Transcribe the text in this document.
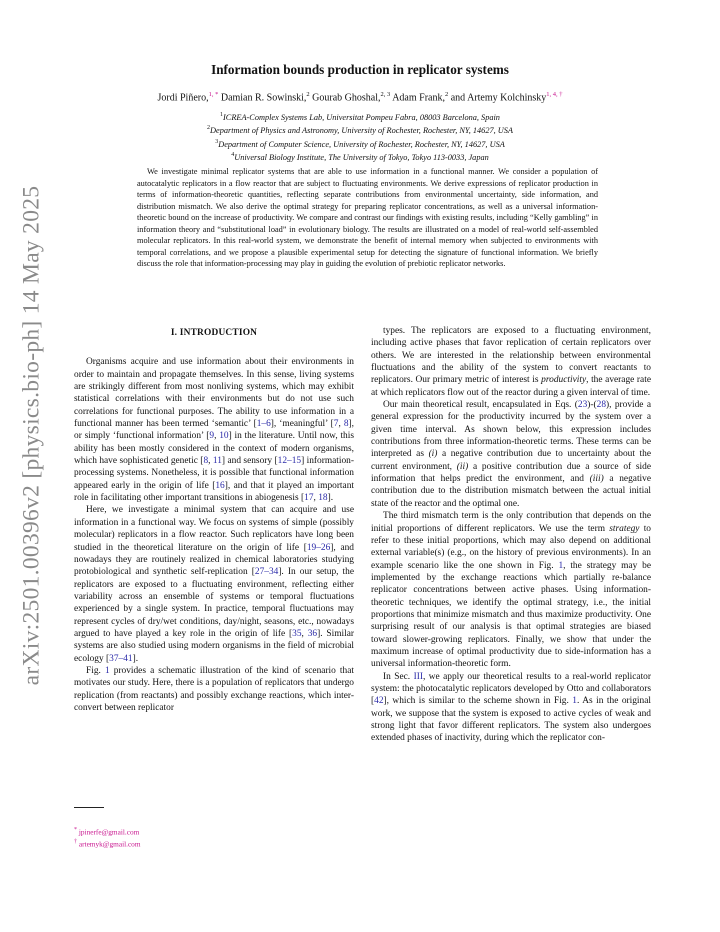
arXiv:2501.00396v2 [physics.bio-ph] 14 May 2025
Information bounds production in replicator systems
Jordi Piñero,$^{1, *}$ Damian R. Sowinski,$^2$ Gourab Ghoshal,$^{2, 3}$ Adam Frank,$^2$ and Artemy Kolchinsky$^{1, 4, \dagger}$
$^1$ICREA-Complex Systems Lab, Universitat Pompeu Fabra, 08003 Barcelona, Spain
$^2$Department of Physics and Astronomy, University of Rochester, Rochester, NY, 14627, USA
$^3$Department of Computer Science, University of Rochester, Rochester, NY, 14627, USA
$^4$Universal Biology Institute, The University of Tokyo, Tokyo 113-0033, Japan

We investigate minimal replicator systems that are able to use information in a functional manner. We consider a population of autocatalytic replicators in a flow reactor that are subject to fluctuating environments. We derive expressions of replicator production in terms of information-theoretic quantities, reflecting separate contributions from environmental uncertainty, side information, and distribution mismatch. We also derive the optimal strategy for preparing replicator concentrations, as well as a universal information-theoretic bound on the increase of productivity. We compare and contrast our findings with existing results, including “Kelly gambling” in information theory and “substitutional load” in evolutionary biology. The results are illustrated on a model of real-world self-assembled molecular replicators. In this real-world system, we demonstrate the benefit of internal memory when subjected to environments with temporal correlations, and we propose a plausible experimental setup for detecting the signature of functional information. We briefly discuss the role that information-processing may play in guiding the evolution of prebiotic replicator networks.

I. INTRODUCTION

Organisms acquire and use information about their environments in order to maintain and propagate themselves. In this sense, living systems are strikingly different from most nonliving systems, which may exhibit statistical correlations with their environments but do not use such correlations for functional purposes. The ability to use information in a functional manner has been termed ‘semantic’ [1–6], ‘meaningful’ [7, 8], or simply ‘functional information’ [9, 10] in the literature. Until now, this ability has been mostly considered in the context of modern organisms, which have sophisticated genetic [8, 11] and sensory [12–15] information-processing systems. Nonetheless, it is possible that functional information appeared early in the origin of life [16], and that it played an important role in facilitating other important transitions in abiogenesis [17, 18].

Here, we investigate a minimal system that can acquire and use information in a functional way. We focus on systems of simple (possibly molecular) replicators in a flow reactor. Such replicators have long been studied in the theoretical literature on the origin of life [19–26], and nowadays they are routinely realized in chemical laboratories studying protobiological and synthetic self-replication [27–34]. In our setup, the replicators are exposed to a fluctuating environment, reflecting either variability across an ensemble of systems or temporal fluctuations experienced by a single system. In practice, temporal fluctuations may represent cycles of dry/wet conditions, day/night, seasons, etc., nowadays argued to have played a key role in the origin of life [35, 36]. Similar systems are also studied using modern organisms in the field of microbial ecology [37–41].

Fig. 1 provides a schematic illustration of the kind of scenario that motivates our study. Here, there is a population of replicators that undergo replication (from reactants) and possibly exchange reactions, which inter-convert between replicator

types. The replicators are exposed to a fluctuating environment, including active phases that favor replication of certain replicators over others. We are interested in the relationship between environmental fluctuations and the ability of the system to convert reactants to replicators. Our primary metric of interest is productivity, the average rate at which replicators flow out of the reactor during a given interval of time.

Our main theoretical result, encapsulated in Eqs. (23)-(28), provide a general expression for the productivity incurred by the system over a given time interval. As shown below, this expression includes contributions from three information-theoretic terms. These terms can be interpreted as (i) a negative contribution due to uncertainty about the current environment, (ii) a positive contribution due a source of side information that helps predict the environment, and (iii) a negative contribution due to the distribution mismatch between the actual initial state of the reactor and the optimal one.

The third mismatch term is the only contribution that depends on the initial proportions of different replicators. We use the term strategy to refer to these initial proportions, which may also depend on additional external variable(s) (e.g., on the history of previous environments). In an example scenario like the one shown in Fig. 1, the strategy may be implemented by the exchange reactions which partially re-balance replicator concentrations between active phases. Using information-theoretic techniques, we identify the optimal strategy, i.e., the initial proportions that minimize mismatch and thus maximize productivity. One surprising result of our analysis is that optimal strategies are biased toward slower-growing replicators. Finally, we show that under the maximum increase of optimal productivity due to side-information has a universal information-theoretic form.

In Sec. III, we apply our theoretical results to a real-world replicator system: the photocatalytic replicators developed by Otto and collaborators [42], which is similar to the scheme shown in Fig. 1. As in the original work, we suppose that the system is exposed to active cycles of weak and strong light that favor different replicators. The system also undergoes extended phases of inactivity, during which the replicator con-

* jpinerfe@gmail.com
† artemyk@gmail.com
